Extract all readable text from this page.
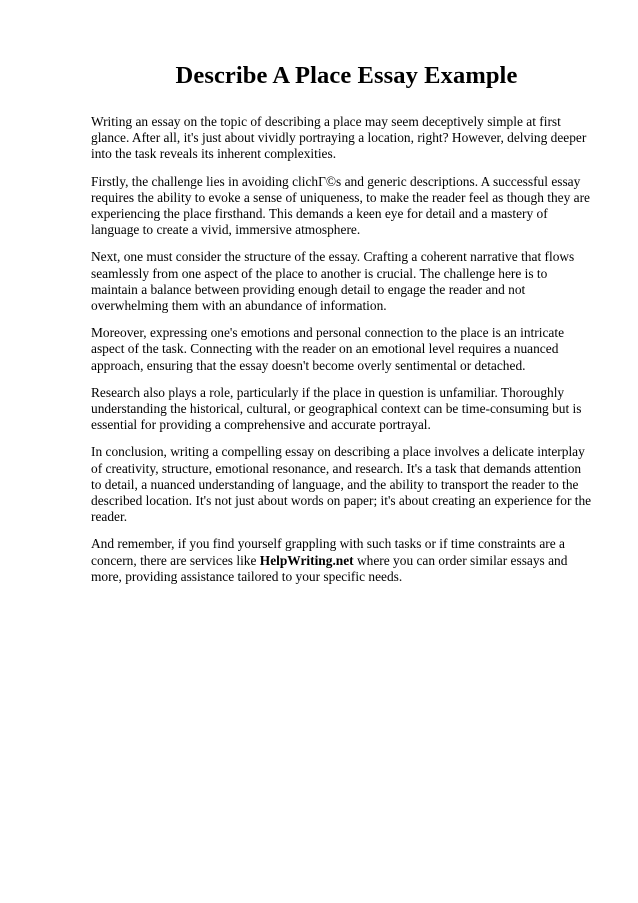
Describe A Place Essay Example

Writing an essay on the topic of describing a place may seem deceptively simple at first glance. After all, it's just about vividly portraying a location, right? However, delving deeper into the task reveals its inherent complexities.

Firstly, the challenge lies in avoiding clichГ©s and generic descriptions. A successful essay requires the ability to evoke a sense of uniqueness, to make the reader feel as though they are experiencing the place firsthand. This demands a keen eye for detail and a mastery of language to create a vivid, immersive atmosphere.

Next, one must consider the structure of the essay. Crafting a coherent narrative that flows seamlessly from one aspect of the place to another is crucial. The challenge here is to maintain a balance between providing enough detail to engage the reader and not overwhelming them with an abundance of information.

Moreover, expressing one's emotions and personal connection to the place is an intricate aspect of the task. Connecting with the reader on an emotional level requires a nuanced approach, ensuring that the essay doesn't become overly sentimental or detached.

Research also plays a role, particularly if the place in question is unfamiliar. Thoroughly understanding the historical, cultural, or geographical context can be time-consuming but is essential for providing a comprehensive and accurate portrayal.

In conclusion, writing a compelling essay on describing a place involves a delicate interplay of creativity, structure, emotional resonance, and research. It's a task that demands attention to detail, a nuanced understanding of language, and the ability to transport the reader to the described location. It's not just about words on paper; it's about creating an experience for the reader.

And remember, if you find yourself grappling with such tasks or if time constraints are a concern, there are services like HelpWriting.net where you can order similar essays and more, providing assistance tailored to your specific needs.
